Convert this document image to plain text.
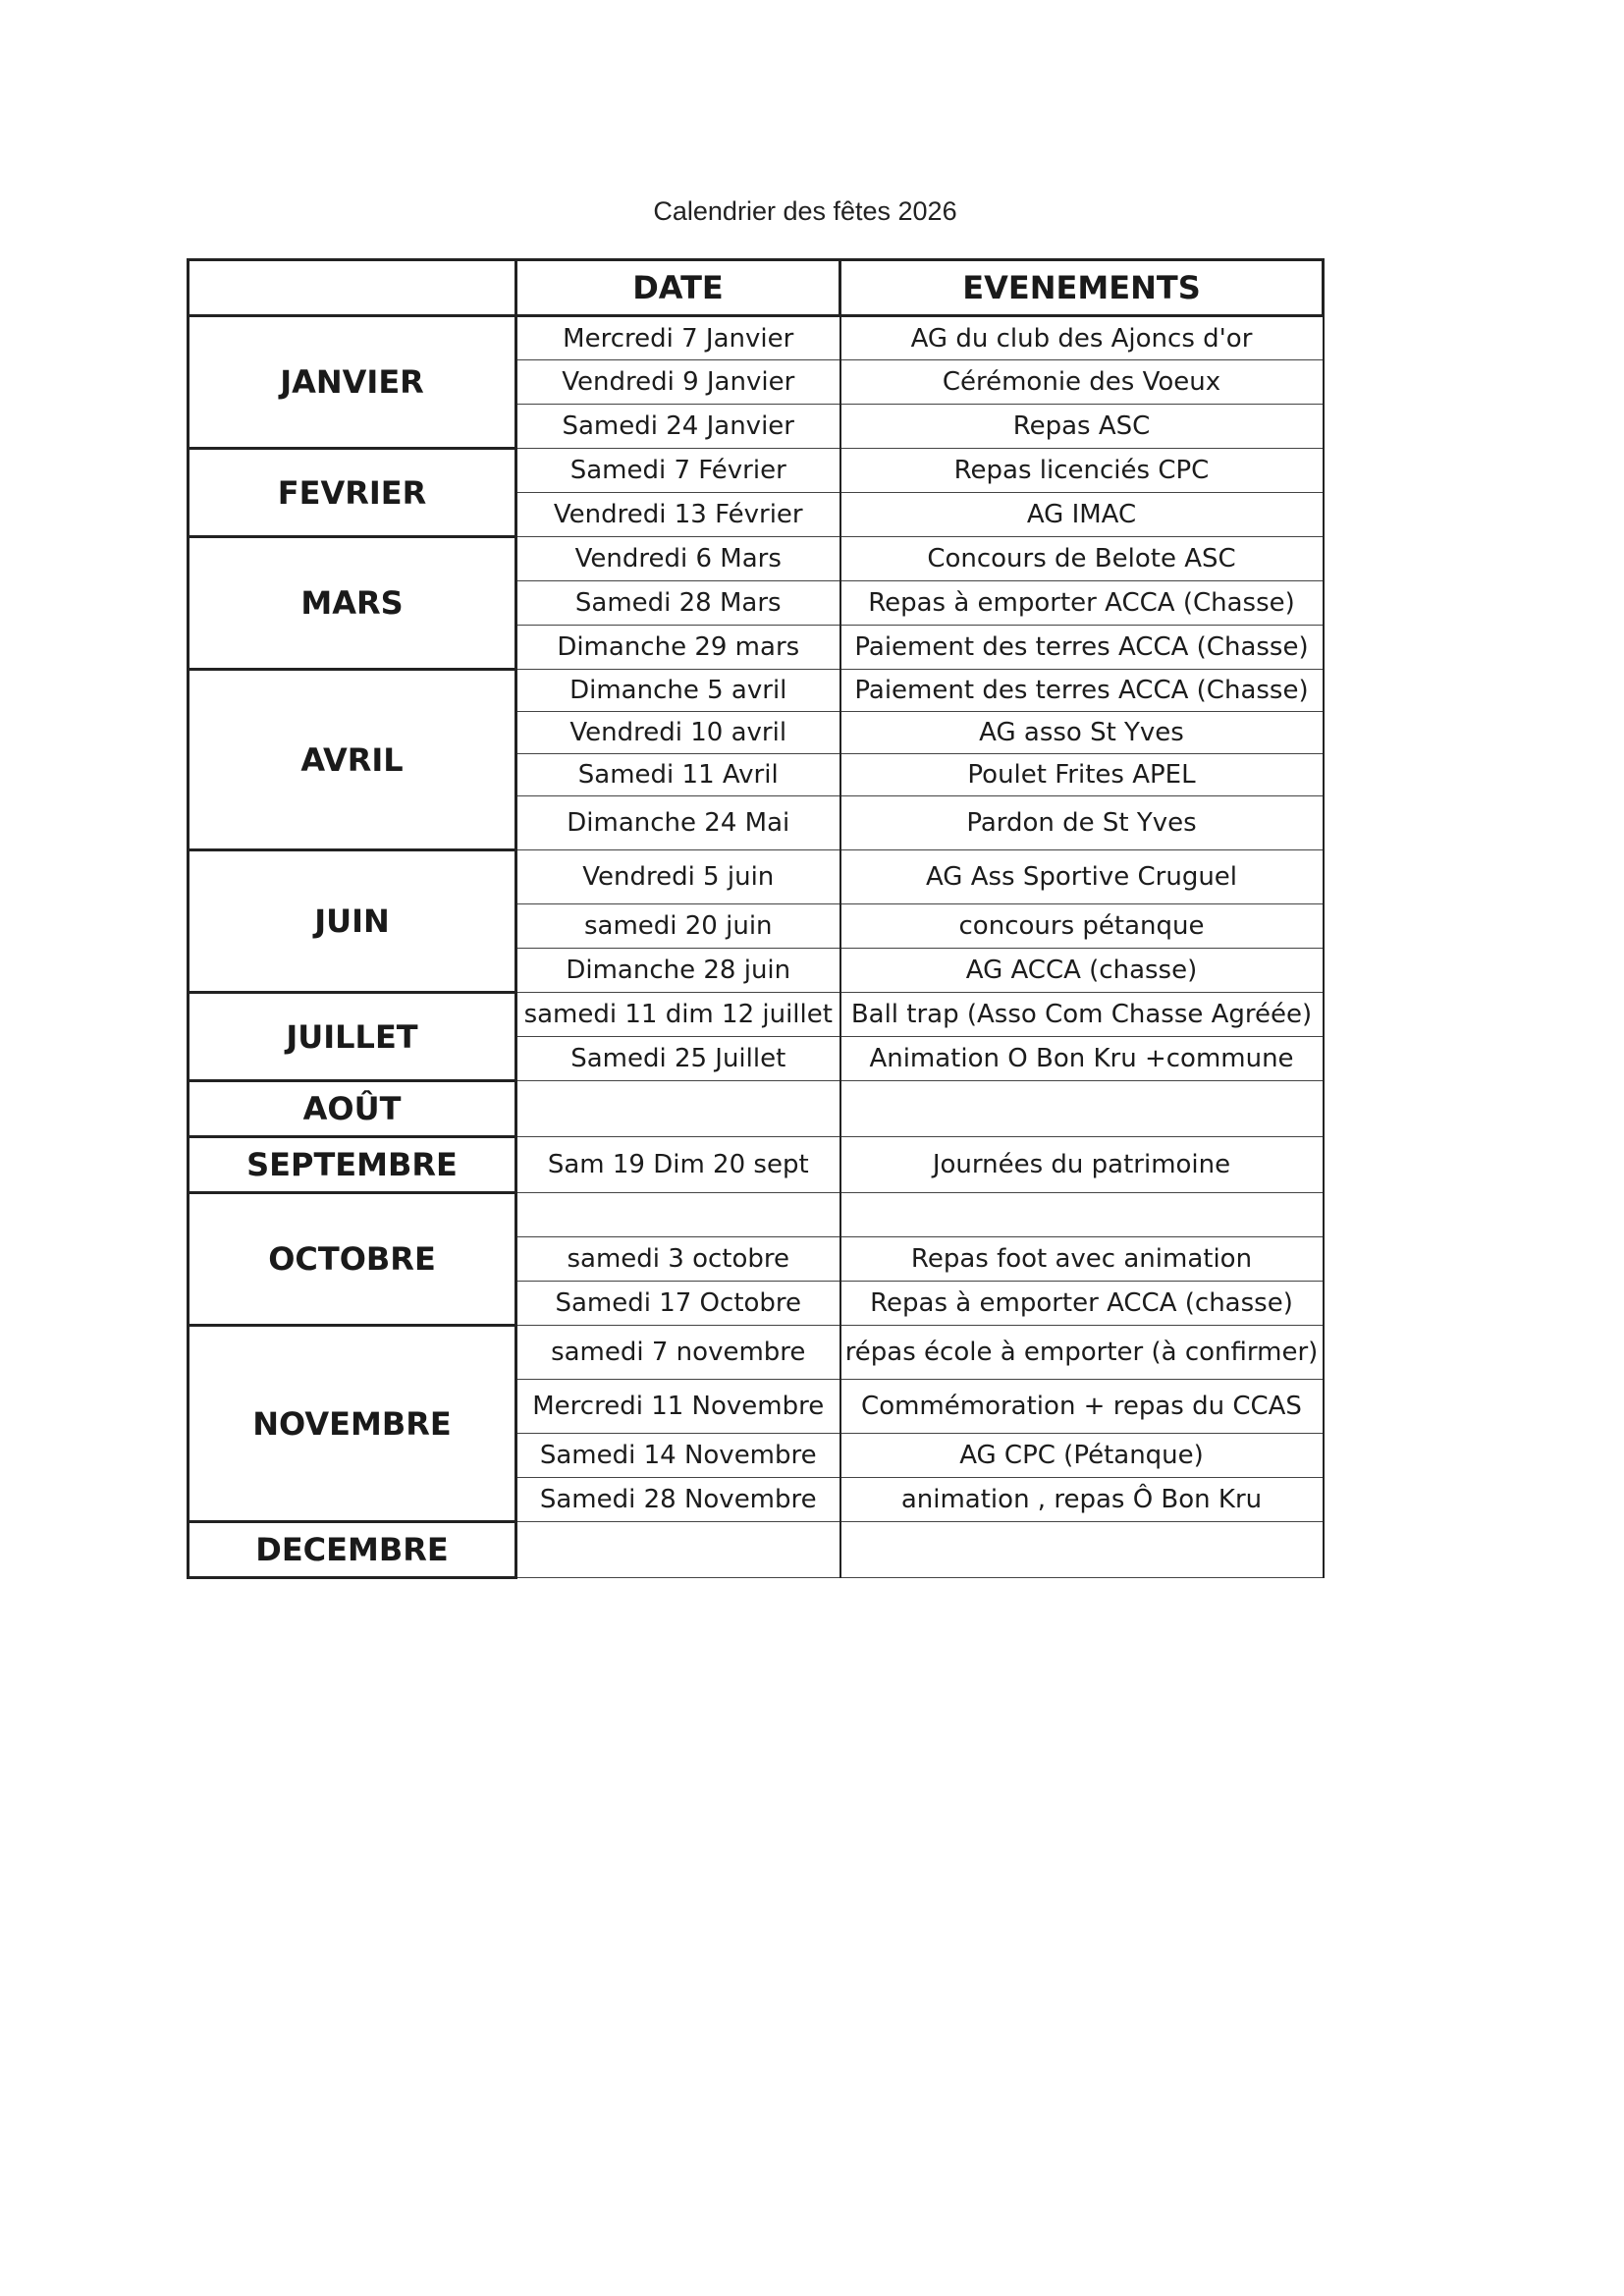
Calendrier des fêtes 2026
	DATE	EVENEMENTS
JANVIER	Mercredi 7 Janvier	AG du club des Ajoncs d'or
	Vendredi 9 Janvier	Cérémonie des Voeux
	Samedi 24 Janvier	Repas ASC
FEVRIER	Samedi 7 Février	Repas licenciés CPC
	Vendredi 13 Février	AG IMAC
MARS	Vendredi 6 Mars	Concours de Belote ASC
	Samedi 28 Mars	Repas à emporter ACCA (Chasse)
	Dimanche 29 mars	Paiement des terres ACCA (Chasse)
AVRIL	Dimanche 5 avril	Paiement des terres ACCA (Chasse)
	Vendredi 10 avril	AG asso St Yves
	Samedi 11 Avril	Poulet Frites APEL
	Dimanche 24 Mai	Pardon de St Yves
JUIN	Vendredi 5 juin	AG Ass Sportive Cruguel
	samedi 20 juin	concours pétanque
	Dimanche 28 juin	AG ACCA (chasse)
JUILLET	samedi 11 dim 12 juillet	Ball trap (Asso Com Chasse Agréée)
	Samedi 25 Juillet	Animation O Bon Kru +commune
AOÛT		
SEPTEMBRE	Sam 19 Dim 20 sept	Journées du patrimoine
OCTOBRE		
	samedi 3 octobre	Repas foot avec animation
	Samedi 17 Octobre	Repas à emporter ACCA (chasse)
NOVEMBRE	samedi 7 novembre	répas école à emporter (à confirmer)
	Mercredi 11 Novembre	Commémoration + repas du CCAS
	Samedi 14 Novembre	AG CPC (Pétanque)
	Samedi 28 Novembre	animation , repas Ô Bon Kru
DECEMBRE		
